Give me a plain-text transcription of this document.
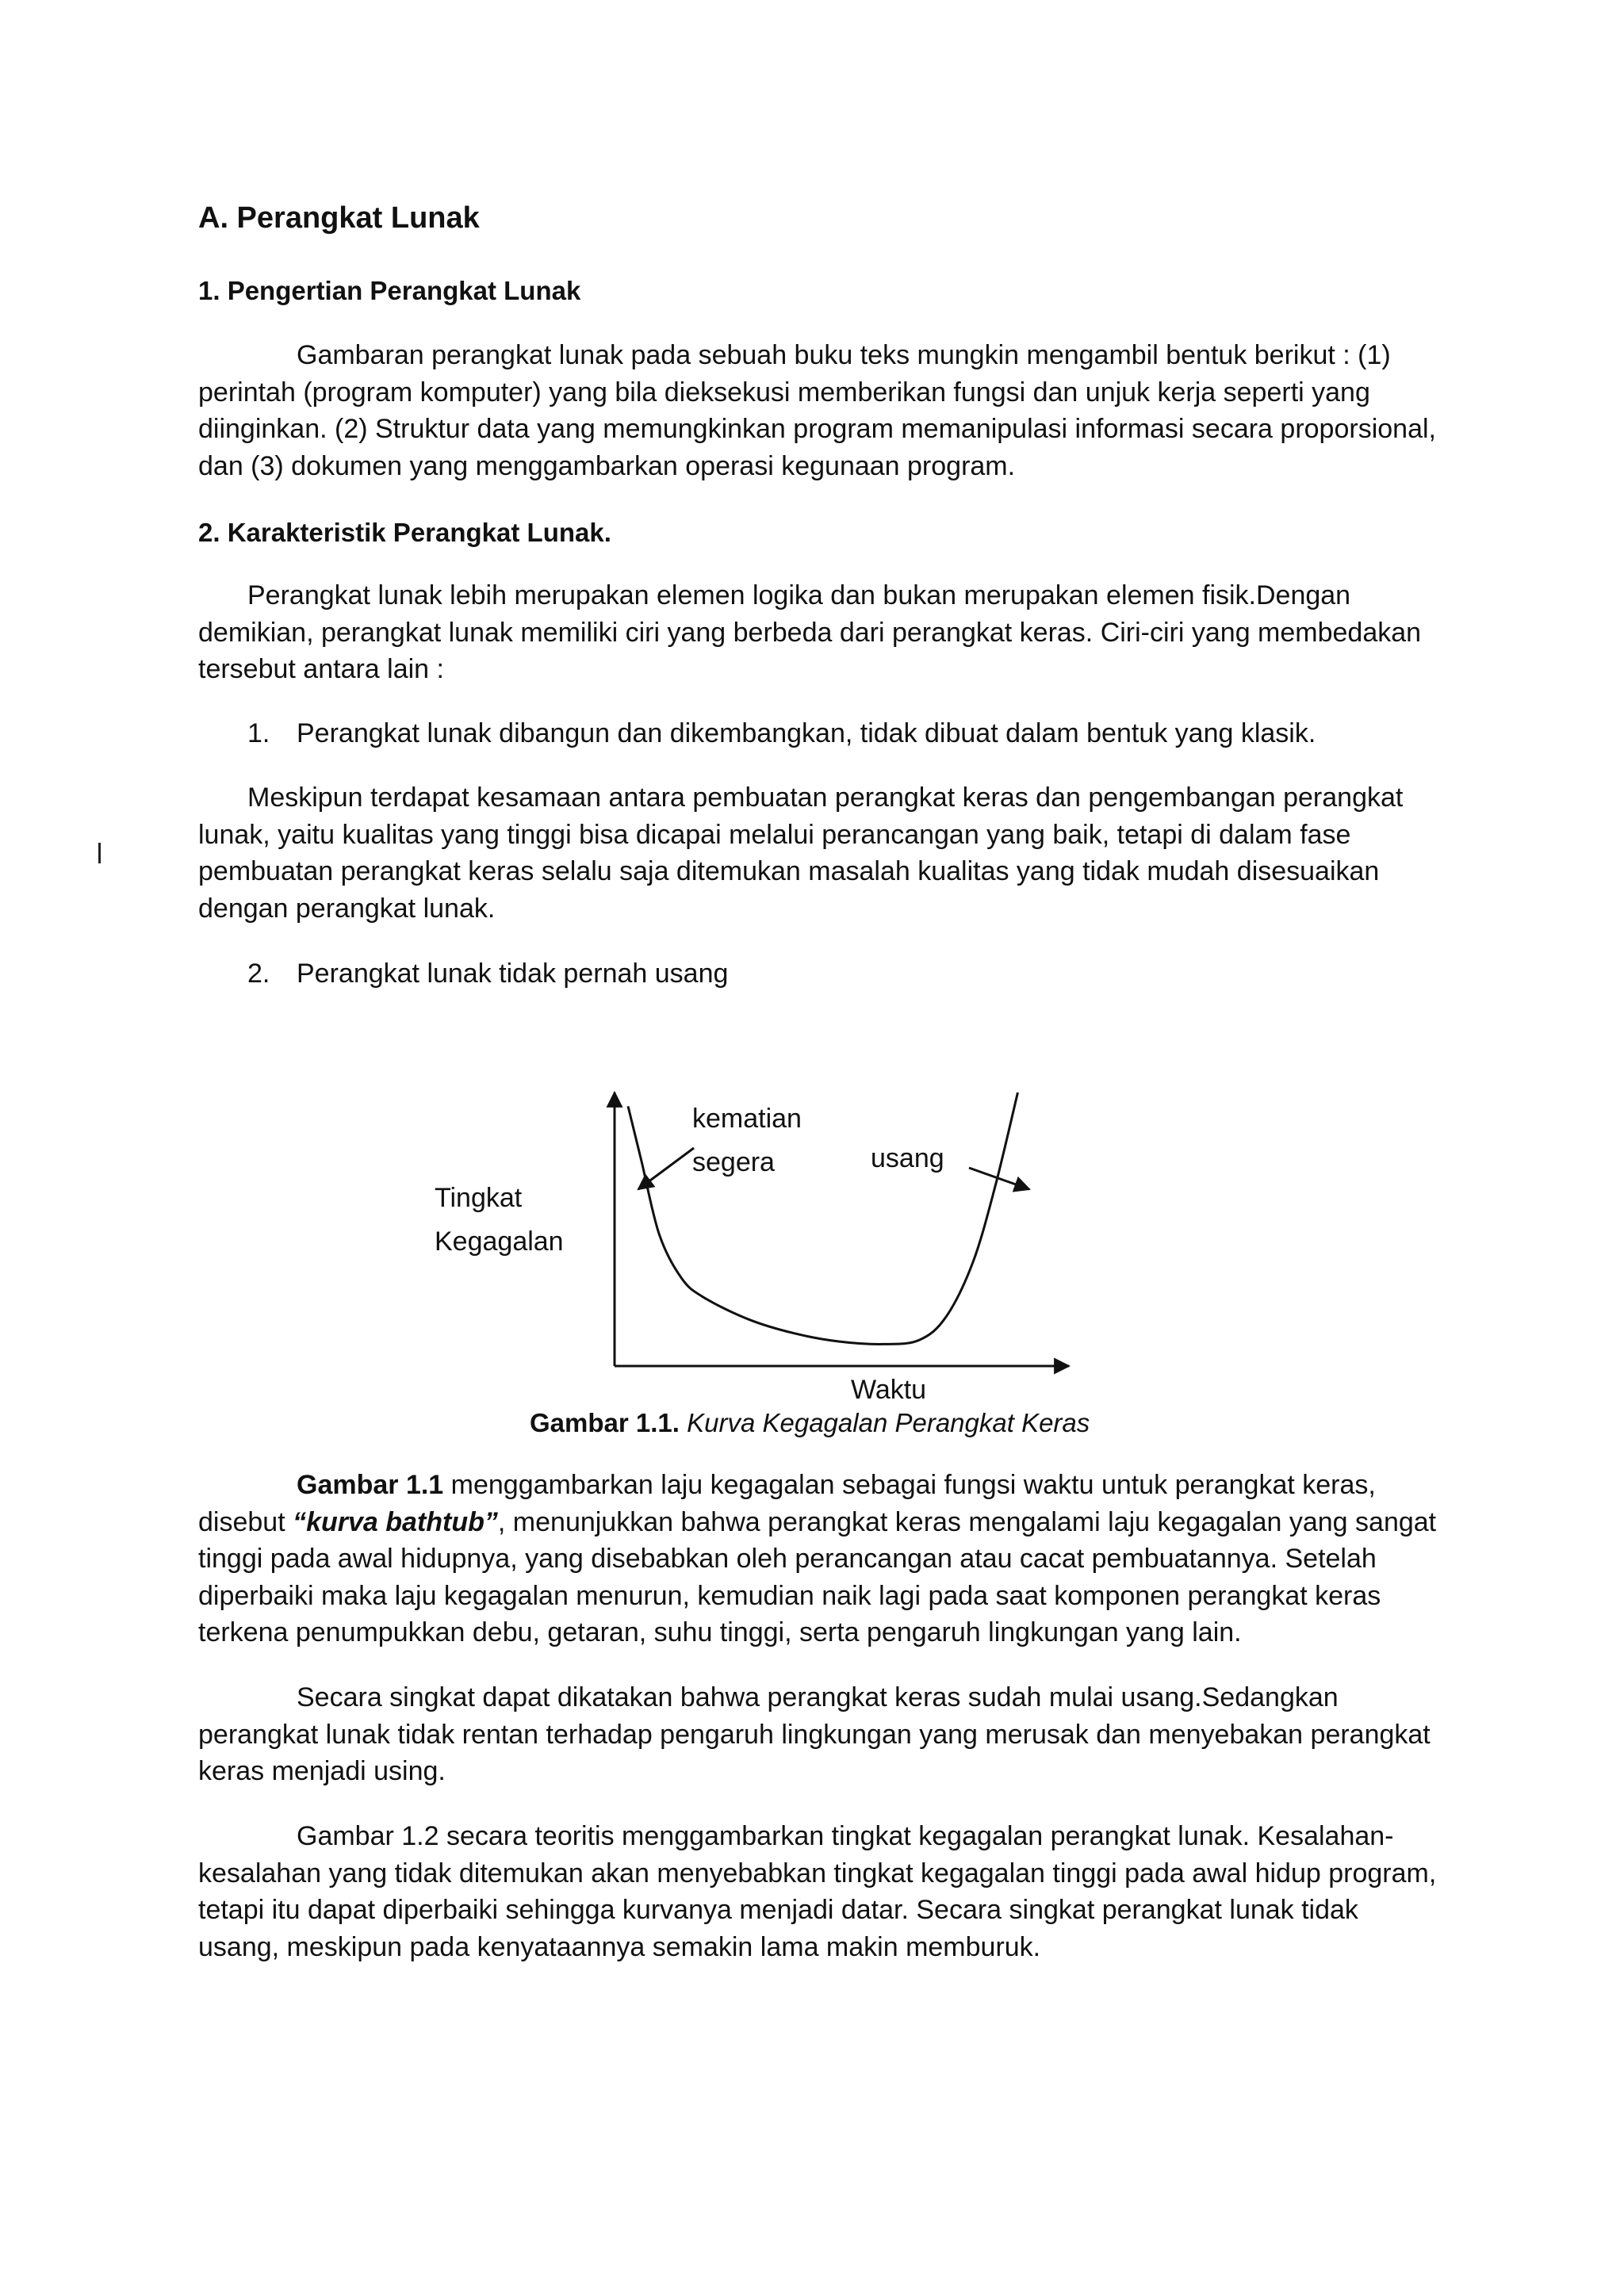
A. Perangkat Lunak
1. Pengertian Perangkat Lunak

Gambaran perangkat lunak pada sebuah buku teks mungkin mengambil bentuk berikut : (1) perintah (program komputer) yang bila dieksekusi memberikan fungsi dan unjuk kerja seperti yang diinginkan. (2) Struktur data yang memungkinkan program memanipulasi informasi secara proporsional, dan (3) dokumen yang menggambarkan operasi kegunaan program.

2. Karakteristik Perangkat Lunak.

Perangkat lunak lebih merupakan elemen logika dan bukan merupakan elemen fisik.Dengan demikian, perangkat lunak memiliki ciri yang berbeda dari perangkat keras. Ciri-ciri yang membedakan tersebut antara lain :

1. Perangkat lunak dibangun dan dikembangkan, tidak dibuat dalam bentuk yang klasik.

Meskipun terdapat kesamaan antara pembuatan perangkat keras dan pengembangan perangkat lunak, yaitu kualitas yang tinggi bisa dicapai melalui perancangan yang baik, tetapi di dalam fase pembuatan perangkat keras selalu saja ditemukan masalah kualitas yang tidak mudah disesuaikan dengan perangkat lunak.

2. Perangkat lunak tidak pernah usang
Tingkat
Kegagalan
kematian
segera	usang
Waktu
Gambar 1.1. Kurva Kegagalan Perangkat Keras

Gambar 1.1 menggambarkan laju kegagalan sebagai fungsi waktu untuk perangkat keras, disebut “kurva bathtub”, menunjukkan bahwa perangkat keras mengalami laju kegagalan yang sangat tinggi pada awal hidupnya, yang disebabkan oleh perancangan atau cacat pembuatannya. Setelah diperbaiki maka laju kegagalan menurun, kemudian naik lagi pada saat komponen perangkat keras terkena penumpukkan debu, getaran, suhu tinggi, serta pengaruh lingkungan yang lain.

Secara singkat dapat dikatakan bahwa perangkat keras sudah mulai usang.Sedangkan perangkat lunak tidak rentan terhadap pengaruh lingkungan yang merusak dan menyebakan perangkat keras menjadi using.

Gambar 1.2 secara teoritis menggambarkan tingkat kegagalan perangkat lunak. Kesalahan-kesalahan yang tidak ditemukan akan menyebabkan tingkat kegagalan tinggi pada awal hidup program, tetapi itu dapat diperbaiki sehingga kurvanya menjadi datar. Secara singkat perangkat lunak tidak usang, meskipun pada kenyataannya semakin lama makin memburuk.
